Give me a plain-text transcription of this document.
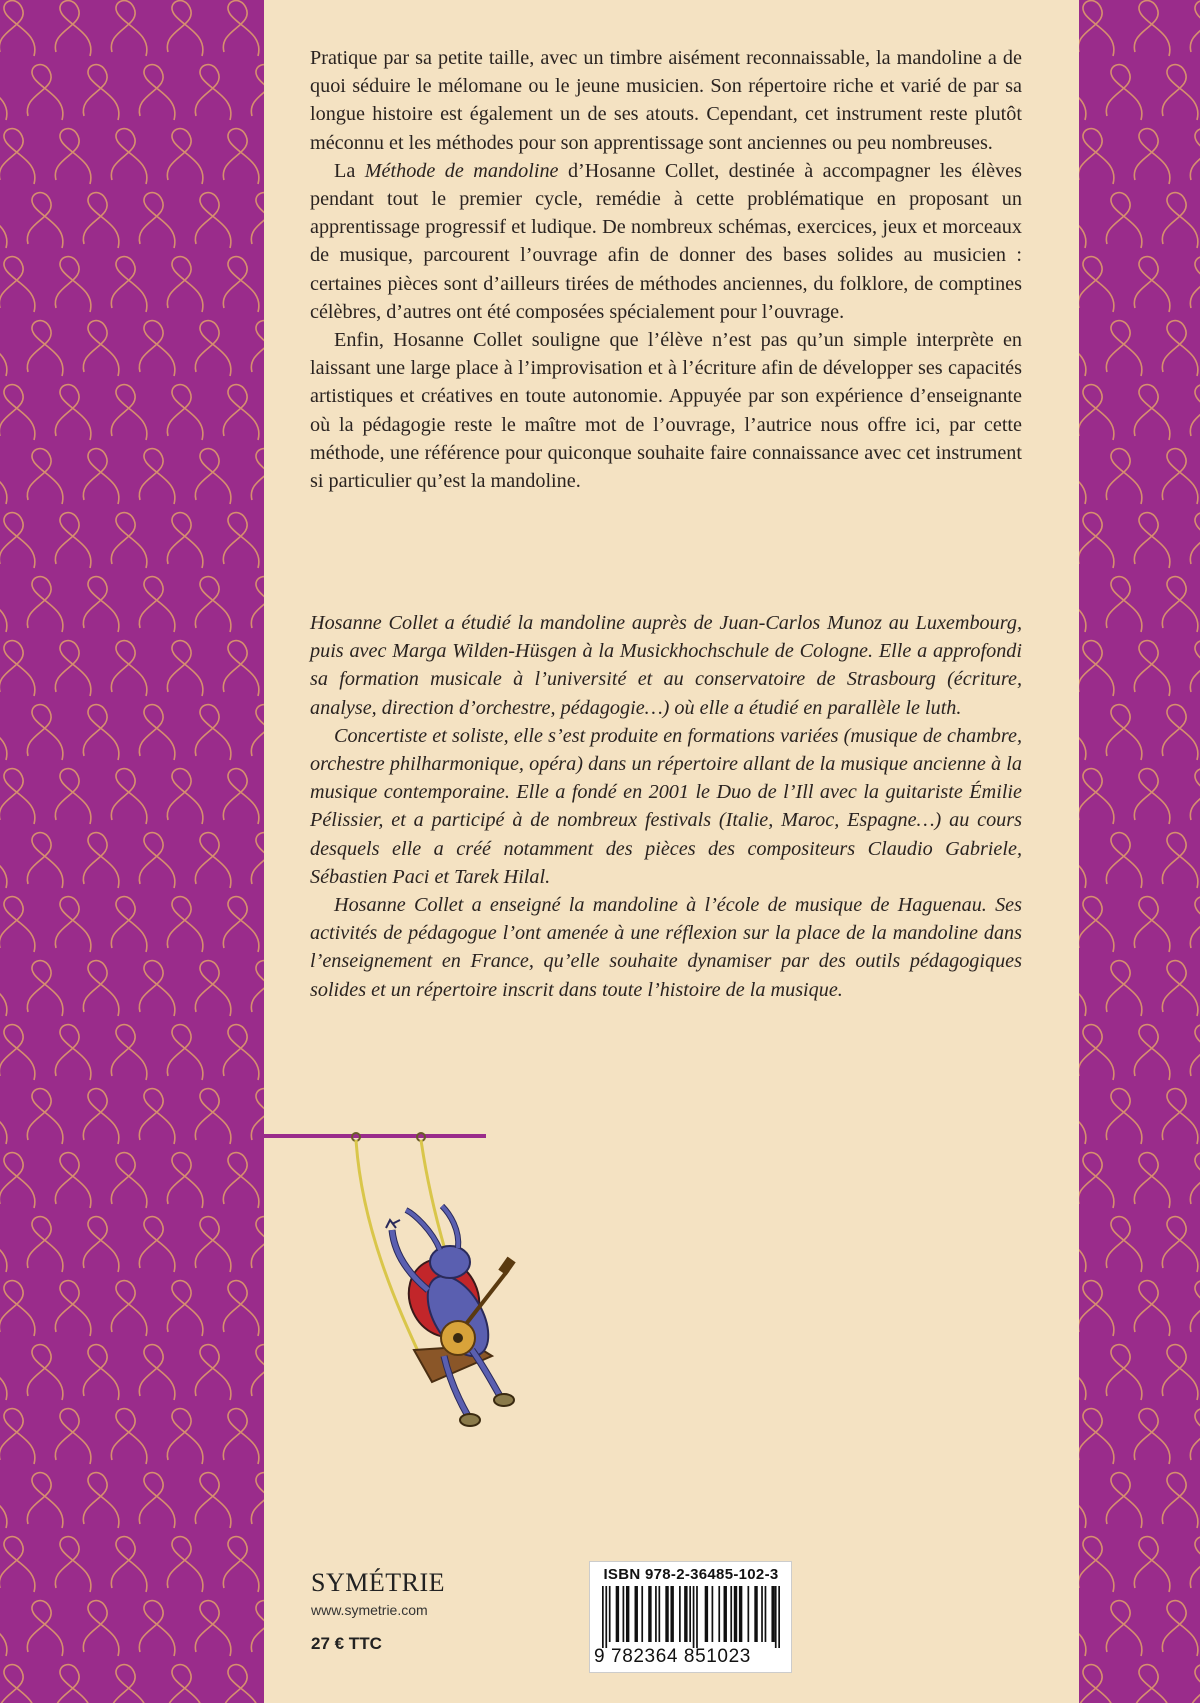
Pratique par sa petite taille, avec un timbre aisément reconnaissable, la mandoline a de quoi séduire le mélomane ou le jeune musicien. Son répertoire riche et varié de par sa longue histoire est également un de ses atouts. Cependant, cet instrument reste plutôt méconnu et les méthodes pour son apprentissage sont anciennes ou peu nombreuses.

La Méthode de mandoline d’Hosanne Collet, destinée à accompagner les élèves pendant tout le premier cycle, remédie à cette problématique en proposant un apprentissage progressif et ludique. De nombreux schémas, exercices, jeux et morceaux de musique, parcourent l’ouvrage afin de donner des bases solides au musicien : certaines pièces sont d’ailleurs tirées de méthodes anciennes, du folklore, de comptines célèbres, d’autres ont été composées spécialement pour l’ouvrage.

Enfin, Hosanne Collet souligne que l’élève n’est pas qu’un simple interprète en laissant une large place à l’improvisation et à l’écriture afin de développer ses capacités artistiques et créatives en toute autonomie. Appuyée par son expérience d’enseignante où la pédagogie reste le maître mot de l’ouvrage, l’autrice nous offre ici, par cette méthode, une référence pour quiconque souhaite faire connaissance avec cet instrument si particulier qu’est la mandoline.

Hosanne Collet a étudié la mandoline auprès de Juan-Carlos Munoz au Luxembourg, puis avec Marga Wilden-Hüsgen à la Musickhochschule de Cologne. Elle a approfondi sa formation musicale à l’université et au conservatoire de Strasbourg (écriture, analyse, direction d’orchestre, pédagogie…) où elle a étudié en parallèle le luth.

Concertiste et soliste, elle s’est produite en formations variées (musique de chambre, orchestre philharmonique, opéra) dans un répertoire allant de la musique ancienne à la musique contemporaine. Elle a fondé en 2001 le Duo de l’Ill avec la guitariste Émilie Pélissier, et a participé à de nombreux festivals (Italie, Maroc, Espagne…) au cours desquels elle a créé notamment des pièces des compositeurs Claudio Gabriele, Sébastien Paci et Tarek Hilal.

Hosanne Collet a enseigné la mandoline à l’école de musique de Haguenau. Ses activités de pédagogue l’ont amenée à une réflexion sur la place de la mandoline dans l’enseignement en France, qu’elle souhaite dynamiser par des outils pédagogiques solides et un répertoire inscrit dans toute l’histoire de la musique.

SYMÉTRIE
www.symetrie.com
27 € TTC
ISBN 978-2-36485-102-3
9 782364 851023
